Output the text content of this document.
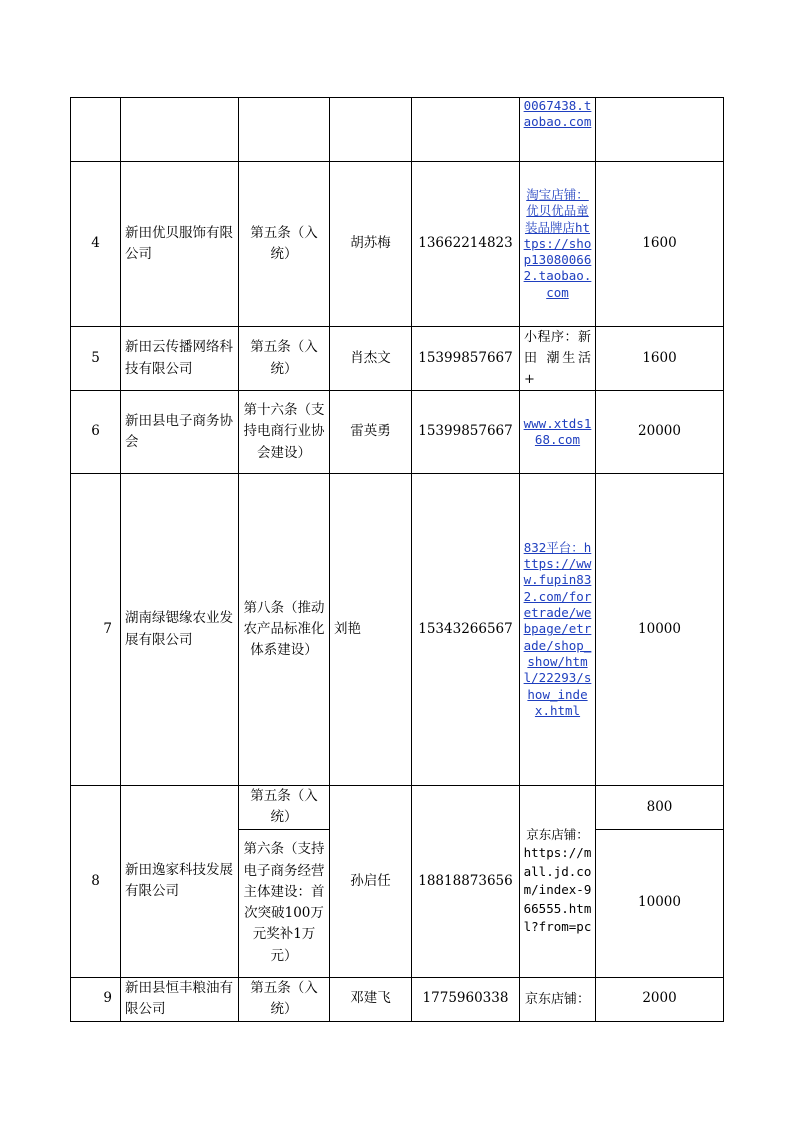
					0067438.taobao.com	
4	新田优贝服饰有限公司	第五条（入统）	胡苏梅	13662214823	淘宝店铺：优贝优品童装品牌店https://shop130800662.taobao.com	1600
5	新田云传播网络科技有限公司	第五条（入统）	肖杰文	15399857667	小程序：新 田 潮生活+	1600
6	新田县电子商务协会	第十六条（支持电商行业协会建设）	雷英勇	15399857667	www.xtds168.com	20000
7	湖南绿锶缘农业发展有限公司	第八条（推动农产品标准化体系建设）	刘艳	15343266567	832平台：https://www.fupin832.com/foretrade/webpage/etrade/shop_show/html/22293/show_index.html	10000
8	新田逸家科技发展有限公司	第五条（入统）	孙启任	18818873656	京东店铺：https://mall.jd.com/index-966555.html?from=pc	800
		第六条（支持电子商务经营主体建设：首次突破100万元奖补1万元）				10000
9	新田县恒丰粮油有限公司	第五条（入统）	邓建飞	1775960338	京东店铺：	2000
